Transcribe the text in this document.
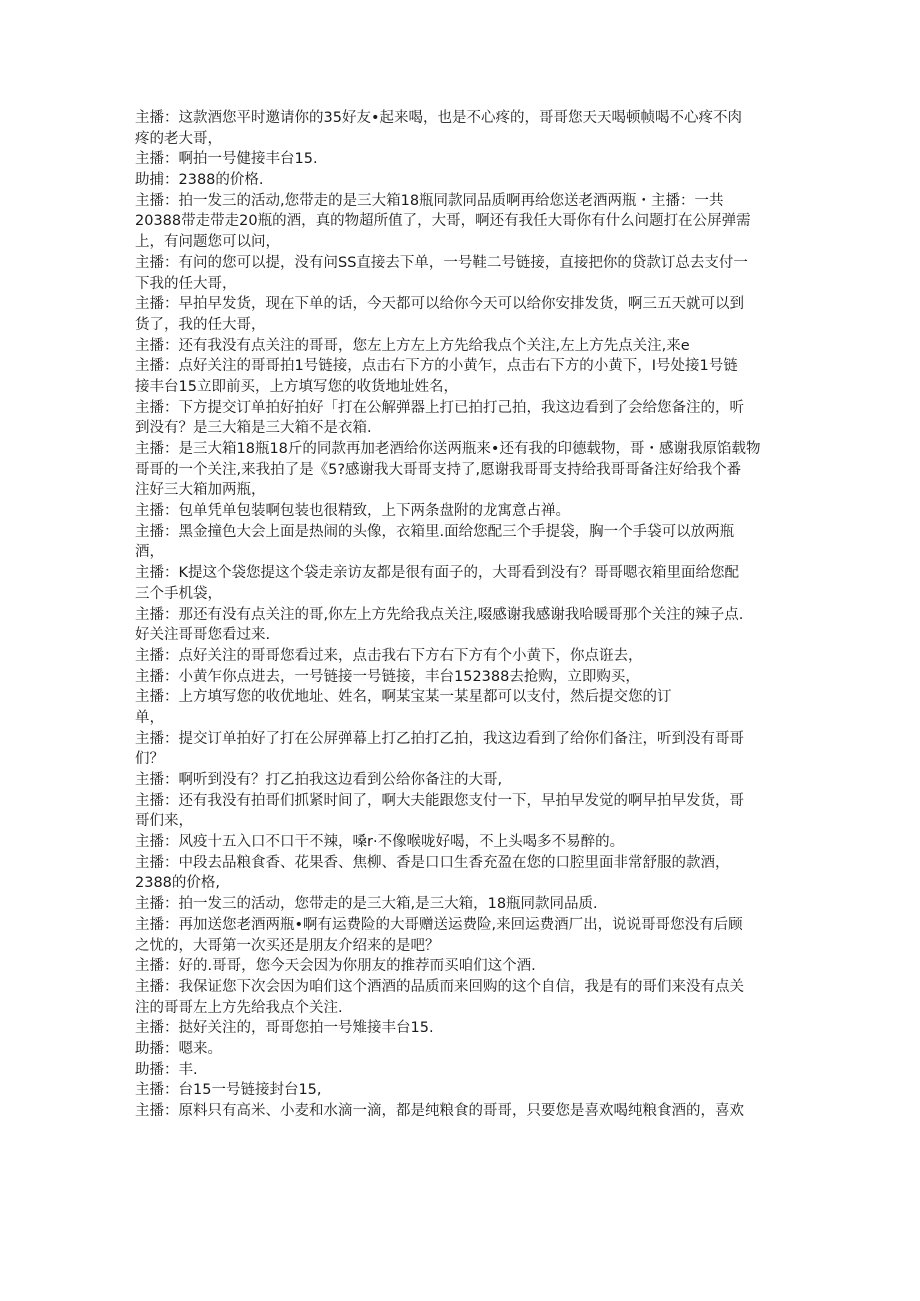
主播：这款酒您平时邀请你的35好友•起来喝，也是不心疼的，哥哥您天天喝顿帧喝不心疼不肉
疼的老大哥，
主播：啊拍一号健接丰台15.
助捕：2388的价格.
主播：拍一发三的活动,您带走的是三大箱18瓶同款同品质啊再给您送老酒两瓶・主播：一共
20388带走带走20瓶的酒，真的物超所值了，大哥，啊还有我任大哥你有什么问题打在公屏弹需
上，有问题您可以问，
主播：有问的您可以提，没有问SS直接去下单，一号鞋二号链接，直接把你的贷款订总去支付一
下我的任大哥，
主播：早拍早发货，现在下单的话，今天都可以给你今天可以给你安排发货，啊三五天就可以到
货了，我的任大哥，
主播：还有我没有点关注的哥哥，您左上方左上方先给我点个关注,左上方先点关注,来e
主播：点好关注的哥哥拍1号链接，点击右下方的小黄乍，点击右下方的小黄下，I号处接1号链
接丰台15立即前买，上方填写您的收货地址姓名，
主播：下方提交订单拍好拍好「打在公解弹器上打已拍打己拍，我这边看到了会给您备注的，听
到没有？是三大箱是三大箱不是衣箱.
主播：是三大箱18瓶18斤的同款再加老酒给你送两瓶来•还有我的印德载物，哥・感谢我原馅载物
哥哥的一个关注,来我拍了是《5?感谢我大哥哥支持了,愿谢我哥哥支持给我哥哥备注好给我个番
注好三大箱加两瓶，
主播：包单凭单包装啊包装也很精致，上下两条盘附的龙寓意占禅。
主播：黑金撞色大会上面是热闹的头像，衣箱里.面给您配三个手提袋，胸一个手袋可以放两瓶
酒，
主播：K提这个袋您提这个袋走亲访友都是很有面子的，大哥看到没有？哥哥嗯衣箱里面给您配
三个手机袋，
主播：那还有没有点关注的哥,你左上方先给我点关注,啜感谢我感谢我哈暖哥那个关注的辣子点.
好关注哥哥您看过来.
主播：点好关注的哥哥您看过来，点击我右下方右下方有个小黄下，你点诳去，
主播：小黄乍你点进去，一号链接一号链接，丰台152388去抢购，立即购买，
主播：上方填写您的收优地址、姓名，啊某宝某一某星都可以支付，然后提交您的订
单，
主播：提交订单拍好了打在公屏弹幕上打乙拍打乙拍，我这边看到了给你们备注，听到没有哥哥
们？
主播：啊听到没有？打乙拍我这边看到公给你备注的大哥,
主播：还有我没有拍哥们抓紧时间了，啊大夫能跟您支付一下，早拍早发觉的啊早拍早发货，哥
哥们来，
主播：风疫十五入口不口干不辣，嗓r·不像喉咙好喝，不上头喝多不易醉的。
主播：中段去品粮食香、花果香、焦柳、香是口口生香充盈在您的口腔里面非常舒服的款酒，
2388的价格,
主播：拍一发三的活动，您带走的是三大箱,是三大箱，18瓶同款同品质.
主播：再加送您老酒两瓶•啊有运费险的大哥赠送运费险,来回运费酒厂出，说说哥哥您没有后顾
之忧的，大哥第一次买还是朋友介绍来的是吧？
主播：好的.哥哥，您今天会因为你朋友的推荐而买咱们这个酒.
主播：我保证您下次会因为咱们这个酒酒的品质而来回购的这个自信，我是有的哥们来没有点关
注的哥哥左上方先给我点个关注.
主播：挞好关注的，哥哥您拍一号雉接丰台15.
助播：嗯来。
助播：丰.
主播：台15一号链接封台15,
主播：原料只有高米、小麦和水滴一滴，都是纯粮食的哥哥，只要您是喜欢喝纯粮食酒的，喜欢
